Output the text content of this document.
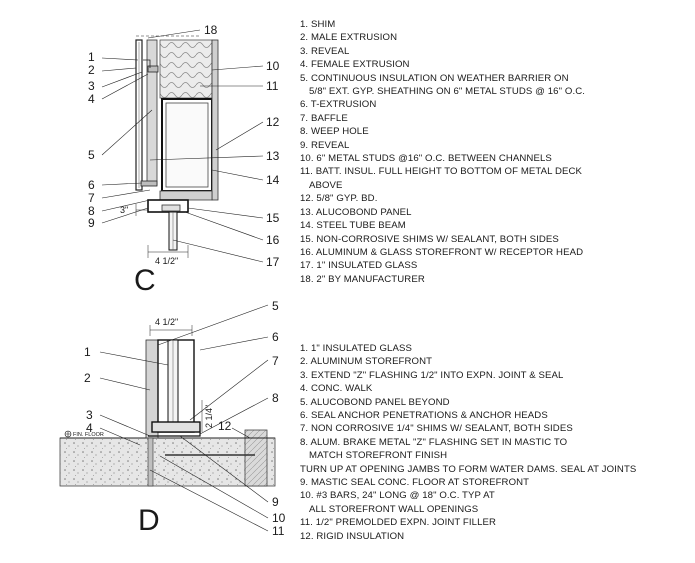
1
2
3
4
5
6
7
8
9
10
11
12
13
14
15
16
17
18
3"
4 1/2"
C
1
2
3
4
5
6
7
8
9
10
11
12
4 1/2"
2 1/4"
FIN. FLOOR
D
1. SHIM
2. MALE EXTRUSION
3. REVEAL
4. FEMALE EXTRUSION
5. CONTINUOUS INSULATION ON WEATHER BARRIER ON
5/8" EXT. GYP. SHEATHING ON 6" METAL STUDS @ 16" O.C.
6. T-EXTRUSION
7. BAFFLE
8. WEEP HOLE
9. REVEAL
10. 6" METAL STUDS @16" O.C. BETWEEN CHANNELS
11. BATT. INSUL. FULL HEIGHT TO BOTTOM OF METAL DECK
ABOVE
12. 5/8" GYP. BD.
13. ALUCOBOND PANEL
14. STEEL TUBE BEAM
15. NON-CORROSIVE SHIMS W/ SEALANT, BOTH SIDES
16. ALUMINUM & GLASS STOREFRONT W/ RECEPTOR HEAD
17. 1" INSULATED GLASS
18. 2" BY MANUFACTURER
1. 1" INSULATED GLASS
2. ALUMINUM STOREFRONT
3. EXTEND "Z" FLASHING 1/2" INTO EXPN. JOINT & SEAL
4. CONC. WALK
5. ALUCOBOND PANEL BEYOND
6. SEAL ANCHOR PENETRATIONS & ANCHOR HEADS
7. NON CORROSIVE 1/4" SHIMS W/ SEALANT, BOTH SIDES
8. ALUM. BRAKE METAL "Z" FLASHING SET IN MASTIC TO
MATCH STOREFRONT FINISH
TURN UP AT OPENING JAMBS TO FORM WATER DAMS. SEAL AT JOINTS
9. MASTIC SEAL CONC. FLOOR AT STOREFRONT
10. #3 BARS, 24" LONG @ 18" O.C. TYP AT
ALL STOREFRONT WALL OPENINGS
11. 1/2" PREMOLDED EXPN. JOINT FILLER
12. RIGID INSULATION
